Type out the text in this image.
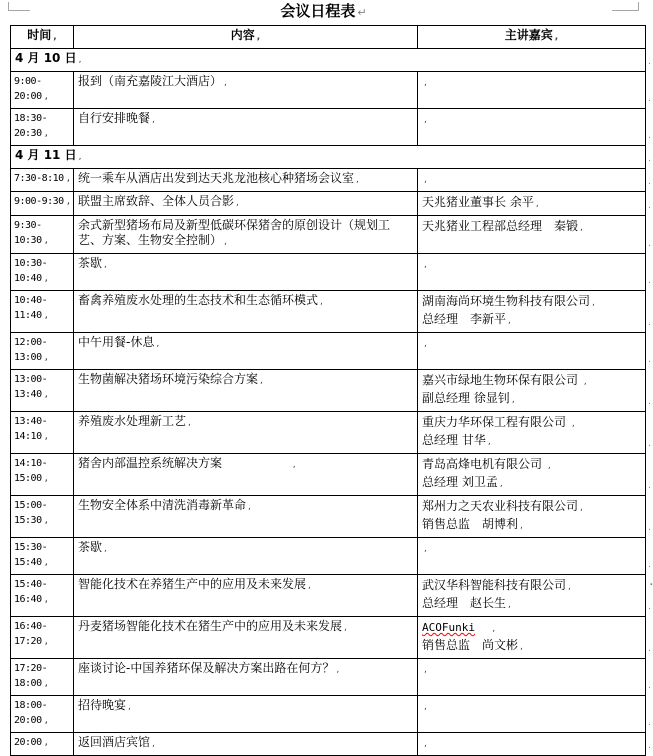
会议日程表 ↵
时间 ,	内容 ,	主讲嘉宾 ,
.

4 月 10 日 , .		

9:00-20:00 ,	报到（南充嘉陵江大酒店） ,	,
.

18:30-20:30 ,	自行安排晚餐 ,	,
.

4 月 11 日 , .		

7:30-8:10 ,	统一乘车从酒店出发到达天兆龙池核心种猪场会议室 ,	, .

9:00-9:30 ,	联盟主席致辞、全体人员合影 ,	天兆猪业董事长 余平 , .

9:30-10:30 ,	余式新型猪场布局及新型低碳环保猪舍的原创设计（规划工艺、方案、生物安全控制） ,	天兆猪业工程部总经理　秦锻 ,
.

10:30-10:40 ,	茶歇 ,	,
.

10:40-11:40 ,	畜禽养殖废水处理的生态技术和生态循环模式 ,	湖南海尚环境生物科技有限公司 ,
总经理　李新平 , .

12:00-13:00 ,	中午用餐-休息 ,	,
.

13:00-13:40 ,	生物菌解决猪场环境污染综合方案 ,	嘉兴市绿地生物环保有限公司 ,
副总经理 徐显钊 , .

13:40-14:10 ,	养殖废水处理新工艺 ,	重庆力华环保工程有限公司 ,
总经理 甘华 , .

14:10-15:00 ,	猪舍内部温控系统解决方案 ,	青岛高烽电机有限公司 ,
总经理 刘卫孟 , .

15:00-15:30 ,	生物安全体系中清洗消毒新革命 ,	郑州力之天农业科技有限公司 ,
销售总监　胡博利 , .

15:30-15:40 ,	茶歇 ,	,
.

15:40-16:40 ,	智能化技术在养猪生产中的应用及未来发展 ,	武汉华科智能科技有限公司 ,
总经理　赵长生 , .

16:40-17:20 ,	丹麦猪场智能化技术在猪生产中的应用及未来发展 ,	ACOFunki ,
销售总监　尚文彬 , .

17:20-18:00 ,	座谈讨论-中国养猪环保及解决方案出路在何方？ ,	,
.

18:00-20:00 ,	招待晚宴 ,	,
.

20:00 ,	返回酒店宾馆 ,	, .
